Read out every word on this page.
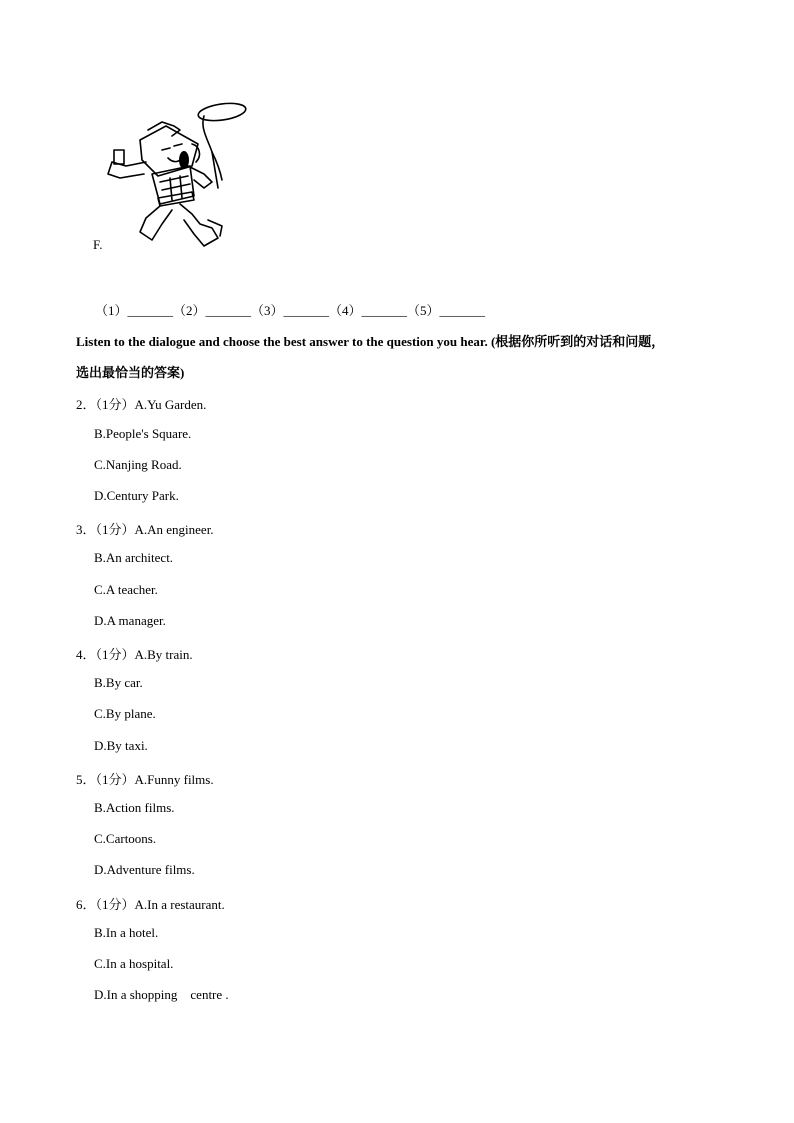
F.
（1）_______（2）_______（3）_______（4）_______（5）_______
Listen to the dialogue and choose the best answer to the question you hear. (根据你所听到的对话和问题，
选出最恰当的答案)
2．（1分）A.Yu Garden.
B.People's Square.
C.Nanjing Road.
D.Century Park.
3．（1分）A.An engineer.
B.An architect.
C.A teacher.
D.A manager.
4．（1分）A.By train.
B.By car.
C.By plane.
D.By taxi.
5．（1分）A.Funny films.
B.Action films.
C.Cartoons.
D.Adventure films.
6．（1分）A.In a restaurant.
B.In a hotel.
C.In a hospital.
D.In a shopping    centre .
